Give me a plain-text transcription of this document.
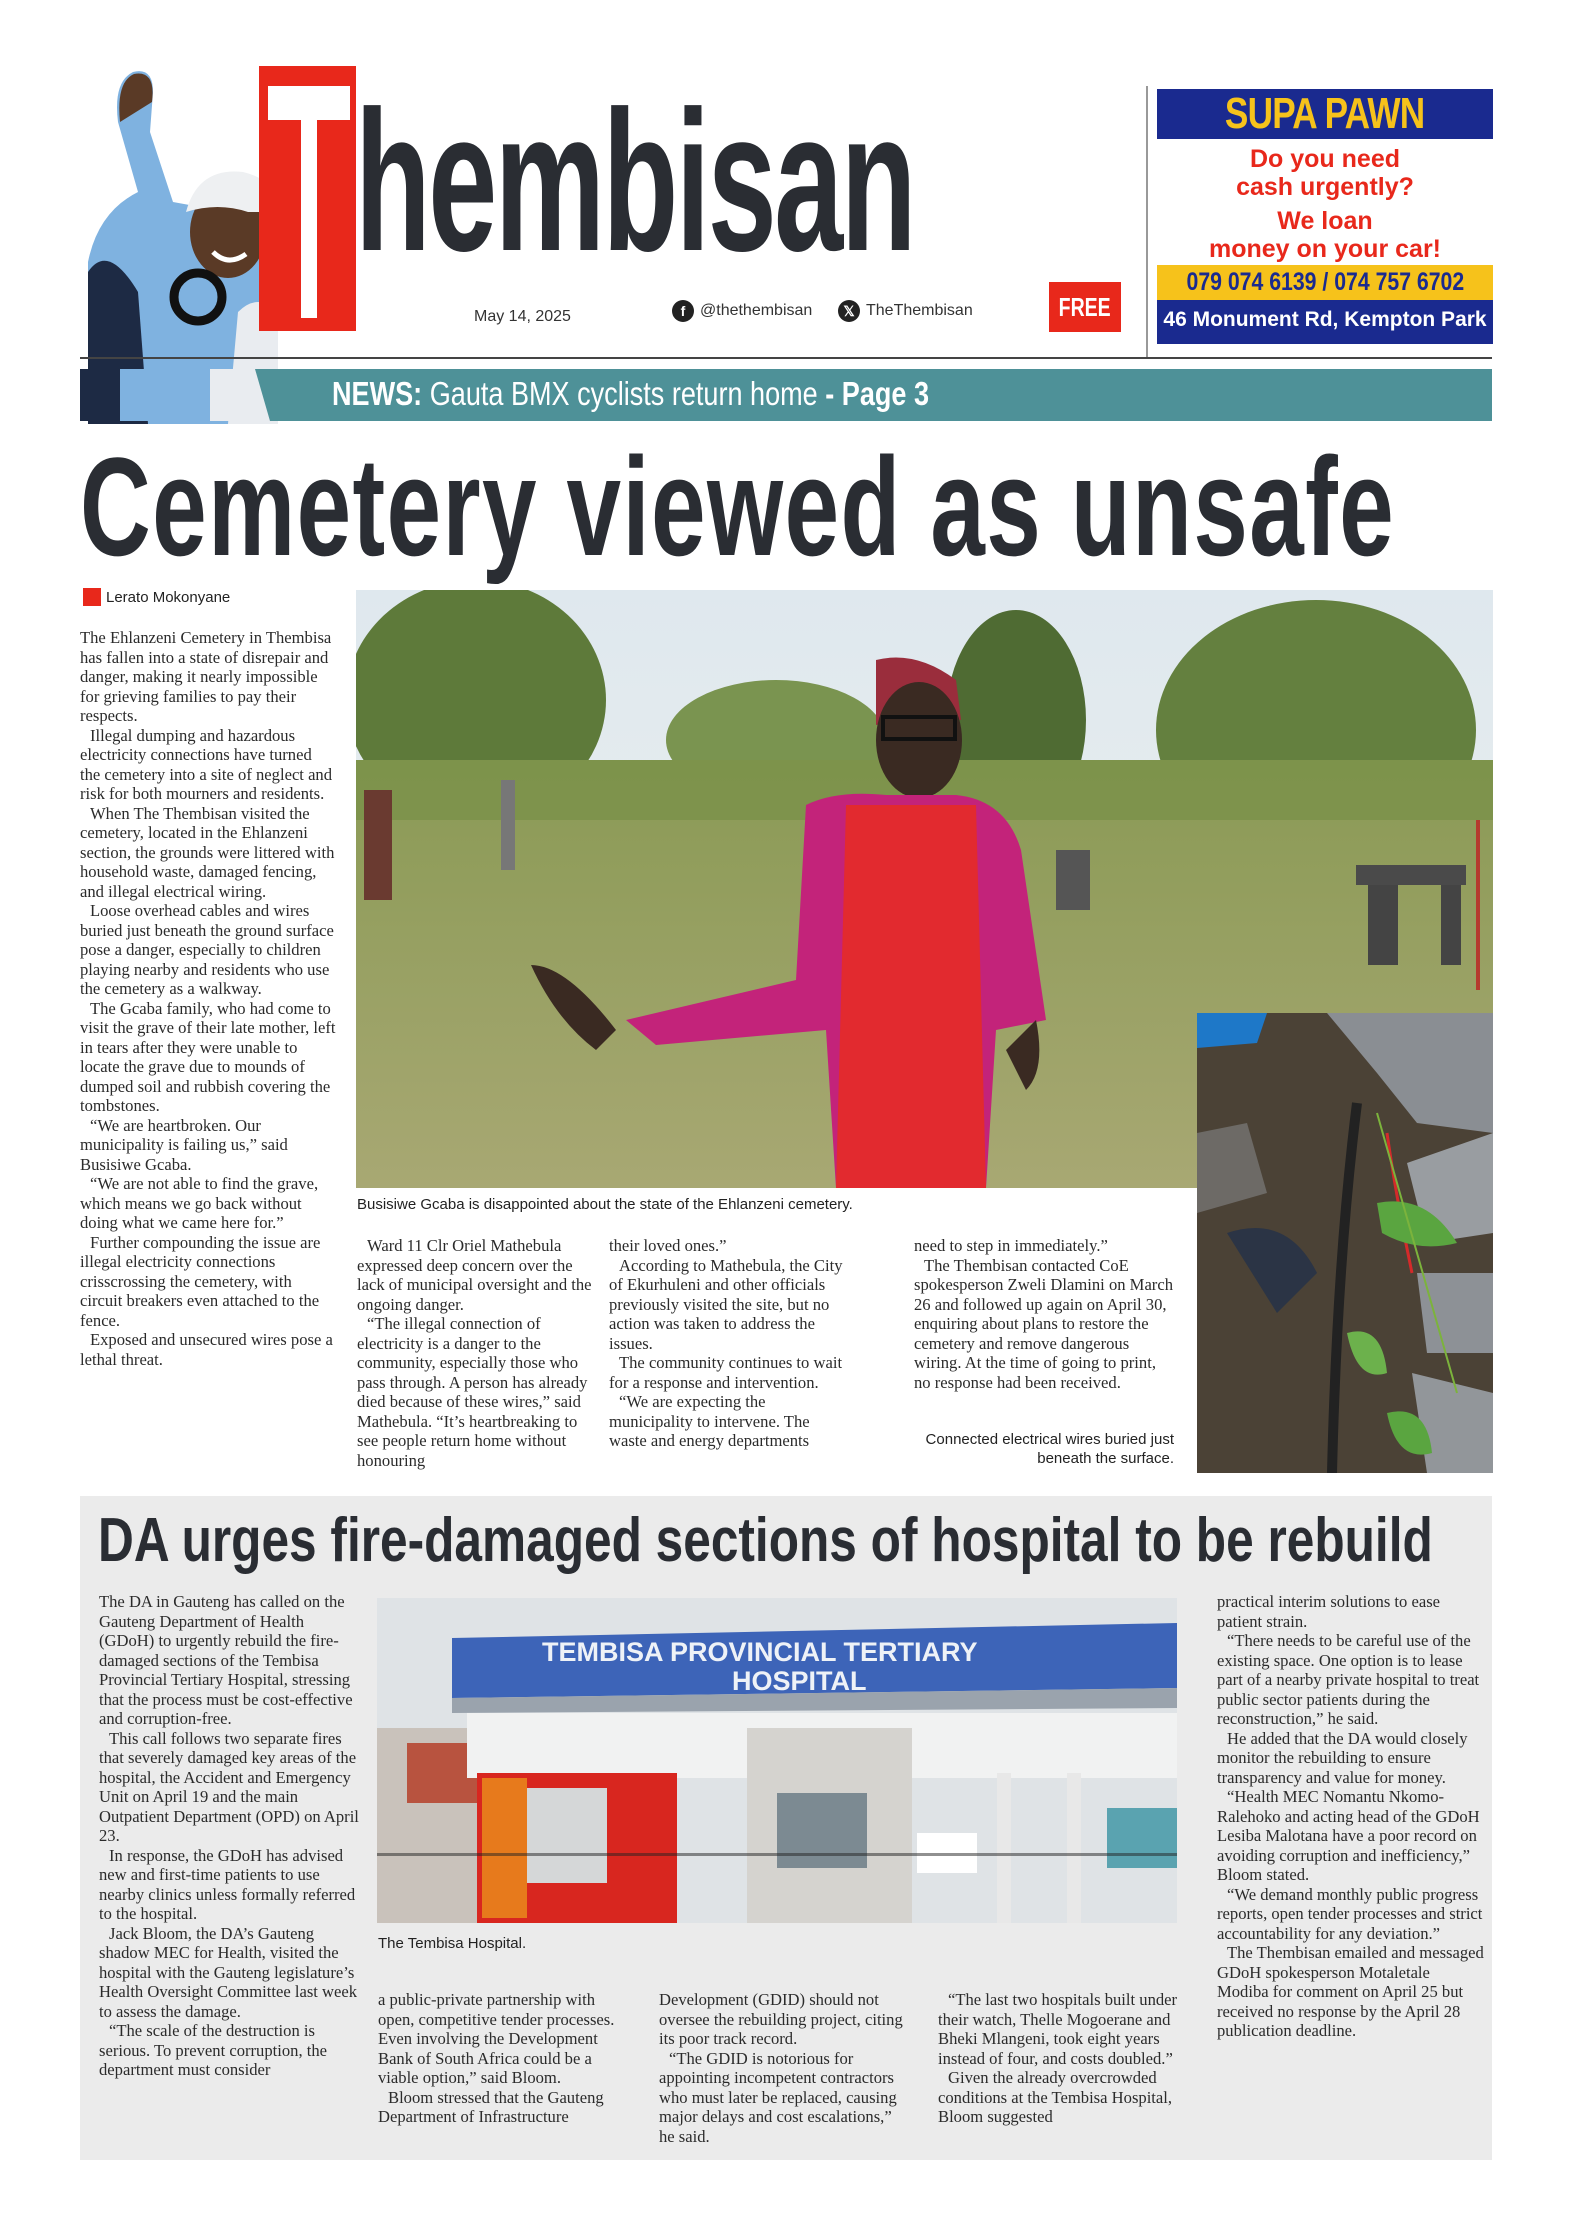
hembisan
May 14, 2025	f @thethembisan	𝕏 TheThembisan	FREE
SUPA PAWN
Do you need
cash urgently?
We loan
money on your car!
079 074 6139 / 074 757 6702
46 Monument Rd, Kempton Park
NEWS: Gauta BMX cyclists return home - Page 3
Cemetery viewed as unsafe
Lerato Mokonyane

The Ehlanzeni Cemetery in Thembisa has fallen into a state of disrepair and danger, making it nearly impossible for grieving families to pay their respects.

Illegal dumping and hazardous electricity connections have turned the cemetery into a site of neglect and risk for both mourners and residents.

When The Thembisan visited the cemetery, located in the Ehlanzeni section, the grounds were littered with household waste, damaged fencing, and illegal electrical wiring.

Loose overhead cables and wires buried just beneath the ground surface pose a danger, especially to children playing nearby and residents who use the cemetery as a walkway.

The Gcaba family, who had come to visit the grave of their late mother, left in tears after they were unable to locate the grave due to mounds of dumped soil and rubbish covering the tombstones.

“We are heartbroken. Our municipality is failing us,” said Busisiwe Gcaba.

“We are not able to find the grave, which means we go back without doing what we came here for.”

Further compounding the issue are illegal electricity connections crisscrossing the cemetery, with circuit breakers even attached to the fence.

Exposed and unsecured wires pose a lethal threat.

Busisiwe Gcaba is disappointed about the state of the Ehlanzeni cemetery.

Ward 11 Clr Oriel Mathebula expressed deep concern over the lack of municipal oversight and the ongoing danger.

“The illegal connection of electricity is a danger to the community, especially those who pass through. A person has already died because of these wires,” said Mathebula. “It’s heartbreaking to see people return home without honouring

their loved ones.”

According to Mathebula, the City of Ekurhuleni and other officials previously visited the site, but no action was taken to address the issues.

The community continues to wait for a response and intervention.

“We are expecting the municipality to intervene. The waste and energy departments

need to step in immediately.”

The Thembisan contacted CoE spokesperson Zweli Dlamini on March 26 and followed up again on April 30, enquiring about plans to restore the cemetery and remove dangerous wiring. At the time of going to print, no response had been received.

Connected electrical wires buried just beneath the surface.
DA urges fire-damaged sections of hospital to be rebuild

The DA in Gauteng has called on the Gauteng Department of Health (GDoH) to urgently rebuild the fire-damaged sections of the Tembisa Provincial Tertiary Hospital, stressing that the process must be cost-effective and corruption-free.

This call follows two separate fires that severely damaged key areas of the hospital, the Accident and Emergency Unit on April 19 and the main Outpatient Department (OPD) on April 23.

In response, the GDoH has advised new and first-time patients to use nearby clinics unless formally referred to the hospital.

Jack Bloom, the DA’s Gauteng shadow MEC for Health, visited the hospital with the Gauteng legislature’s Health Oversight Committee last week to assess the damage.

“The scale of the destruction is serious. To prevent corruption, the department must consider

TEMBISA PROVINCIAL TERTIARY
HOSPITAL
The Tembisa Hospital.

a public-private partnership with open, competitive tender processes. Even involving the Development Bank of South Africa could be a viable option,” said Bloom.

Bloom stressed that the Gauteng Department of Infrastructure

Development (GDID) should not oversee the rebuilding project, citing its poor track record.

“The GDID is notorious for appointing incompetent contractors who must later be replaced, causing major delays and cost escalations,” he said.

“The last two hospitals built under their watch, Thelle Mogoerane and Bheki Mlangeni, took eight years instead of four, and costs doubled.”

Given the already overcrowded conditions at the Tembisa Hospital, Bloom suggested

practical interim solutions to ease patient strain.

“There needs to be careful use of the existing space. One option is to lease part of a nearby private hospital to treat public sector patients during the reconstruction,” he said.

He added that the DA would closely monitor the rebuilding to ensure transparency and value for money.

“Health MEC Nomantu Nkomo-Ralehoko and acting head of the GDoH Lesiba Malotana have a poor record on avoiding corruption and inefficiency,” Bloom stated.

“We demand monthly public progress reports, open tender processes and strict accountability for any deviation.”

The Thembisan emailed and messaged GDoH spokesperson Motaletale Modiba for comment on April 25 but received no response by the April 28 publication deadline.
